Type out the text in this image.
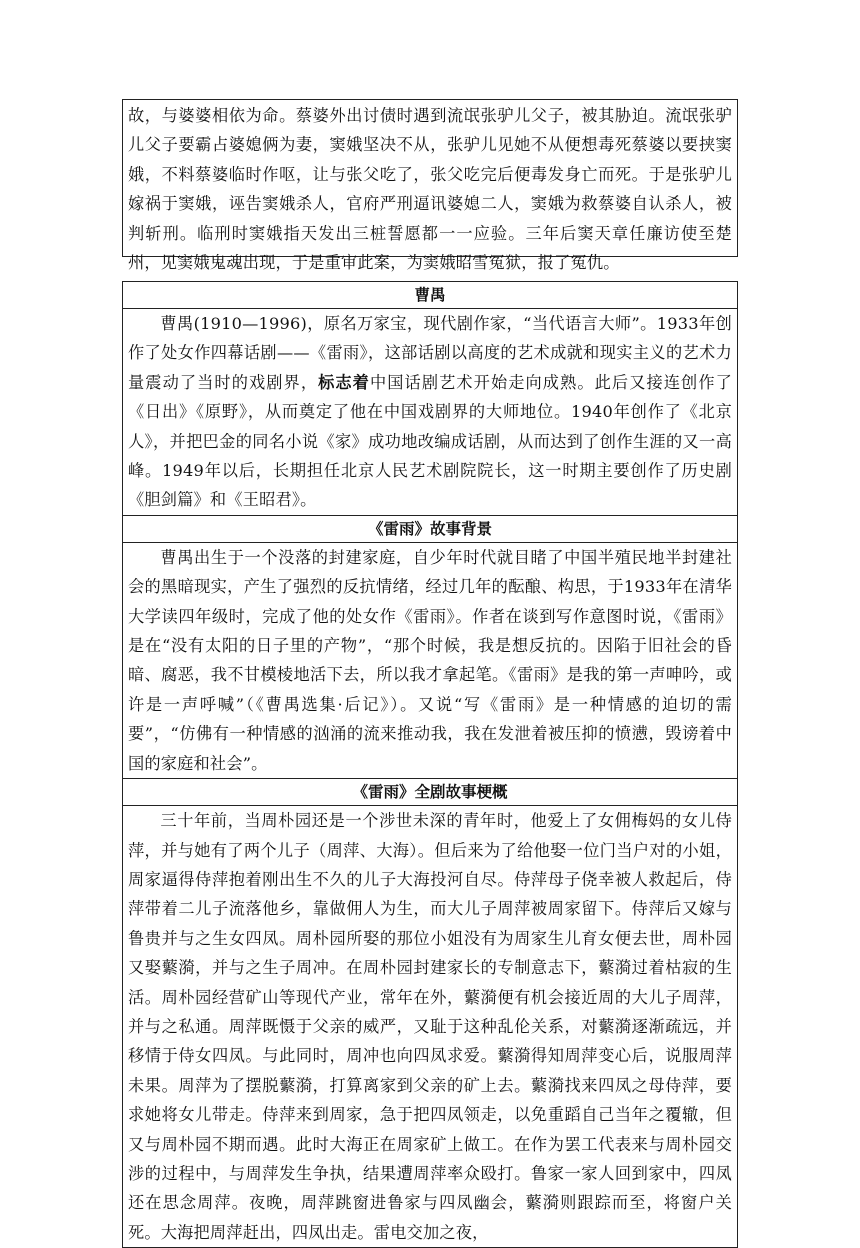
故，与婆婆相依为命。蔡婆外出讨债时遇到流氓张驴儿父子，被其胁迫。流氓张驴儿父子要霸占婆媳俩为妻，窦娥坚决不从，张驴儿见她不从便想毒死蔡婆以要挟窦娥，不料蔡婆临时作呕，让与张父吃了，张父吃完后便毒发身亡而死。于是张驴儿嫁祸于窦娥，诬告窦娥杀人，官府严刑逼讯婆媳二人，窦娥为救蔡婆自认杀人，被判斩刑。临刑时窦娥指天发出三桩誓愿都一一应验。三年后窦天章任廉访使至楚州，见窦娥鬼魂出现，于是重审此案，为窦娥昭雪冤狱，报了冤仇。

曹禺

曹禺(1910—1996)，原名万家宝，现代剧作家，“当代语言大师”。1933年创作了处女作四幕话剧——《雷雨》，这部话剧以高度的艺术成就和现实主义的艺术力量震动了当时的戏剧界，标志着中国话剧艺术开始走向成熟。此后又接连创作了《日出》《原野》，从而奠定了他在中国戏剧界的大师地位。1940年创作了《北京人》，并把巴金的同名小说《家》成功地改编成话剧，从而达到了创作生涯的又一高峰。1949年以后，长期担任北京人民艺术剧院院长，这一时期主要创作了历史剧《胆剑篇》和《王昭君》。

《雷雨》故事背景

曹禺出生于一个没落的封建家庭，自少年时代就目睹了中国半殖民地半封建社会的黑暗现实，产生了强烈的反抗情绪，经过几年的酝酿、构思，于1933年在清华大学读四年级时，完成了他的处女作《雷雨》。作者在谈到写作意图时说，《雷雨》是在“没有太阳的日子里的产物”，“那个时候，我是想反抗的。因陷于旧社会的昏暗、腐恶，我不甘模棱地活下去，所以我才拿起笔。《雷雨》是我的第一声呻吟，或许是一声呼喊”（《曹禺选集·后记》）。又说“写《雷雨》是一种情感的迫切的需要”，“仿佛有一种情感的汹涌的流来推动我，我在发泄着被压抑的愤懑，毁谤着中国的家庭和社会”。

《雷雨》全剧故事梗概

三十年前，当周朴园还是一个涉世未深的青年时，他爱上了女佣梅妈的女儿侍萍，并与她有了两个儿子（周萍、大海）。但后来为了给他娶一位门当户对的小姐，周家逼得侍萍抱着刚出生不久的儿子大海投河自尽。侍萍母子侥幸被人救起后，侍萍带着二儿子流落他乡，靠做佣人为生，而大儿子周萍被周家留下。侍萍后又嫁与鲁贵并与之生女四凤。周朴园所娶的那位小姐没有为周家生儿育女便去世，周朴园又娶蘩漪，并与之生子周冲。在周朴园封建家长的专制意志下，蘩漪过着枯寂的生活。周朴园经营矿山等现代产业，常年在外，蘩漪便有机会接近周的大儿子周萍，并与之私通。周萍既慑于父亲的威严，又耻于这种乱伦关系，对蘩漪逐渐疏远，并移情于侍女四凤。与此同时，周冲也向四凤求爱。蘩漪得知周萍变心后，说服周萍未果。周萍为了摆脱蘩漪，打算离家到父亲的矿上去。蘩漪找来四凤之母侍萍，要求她将女儿带走。侍萍来到周家，急于把四凤领走，以免重蹈自己当年之覆辙，但又与周朴园不期而遇。此时大海正在周家矿上做工。在作为罢工代表来与周朴园交涉的过程中，与周萍发生争执，结果遭周萍率众殴打。鲁家一家人回到家中，四凤还在思念周萍。夜晚，周萍跳窗进鲁家与四凤幽会，蘩漪则跟踪而至，将窗户关死。大海把周萍赶出，四凤出走。雷电交加之夜，
